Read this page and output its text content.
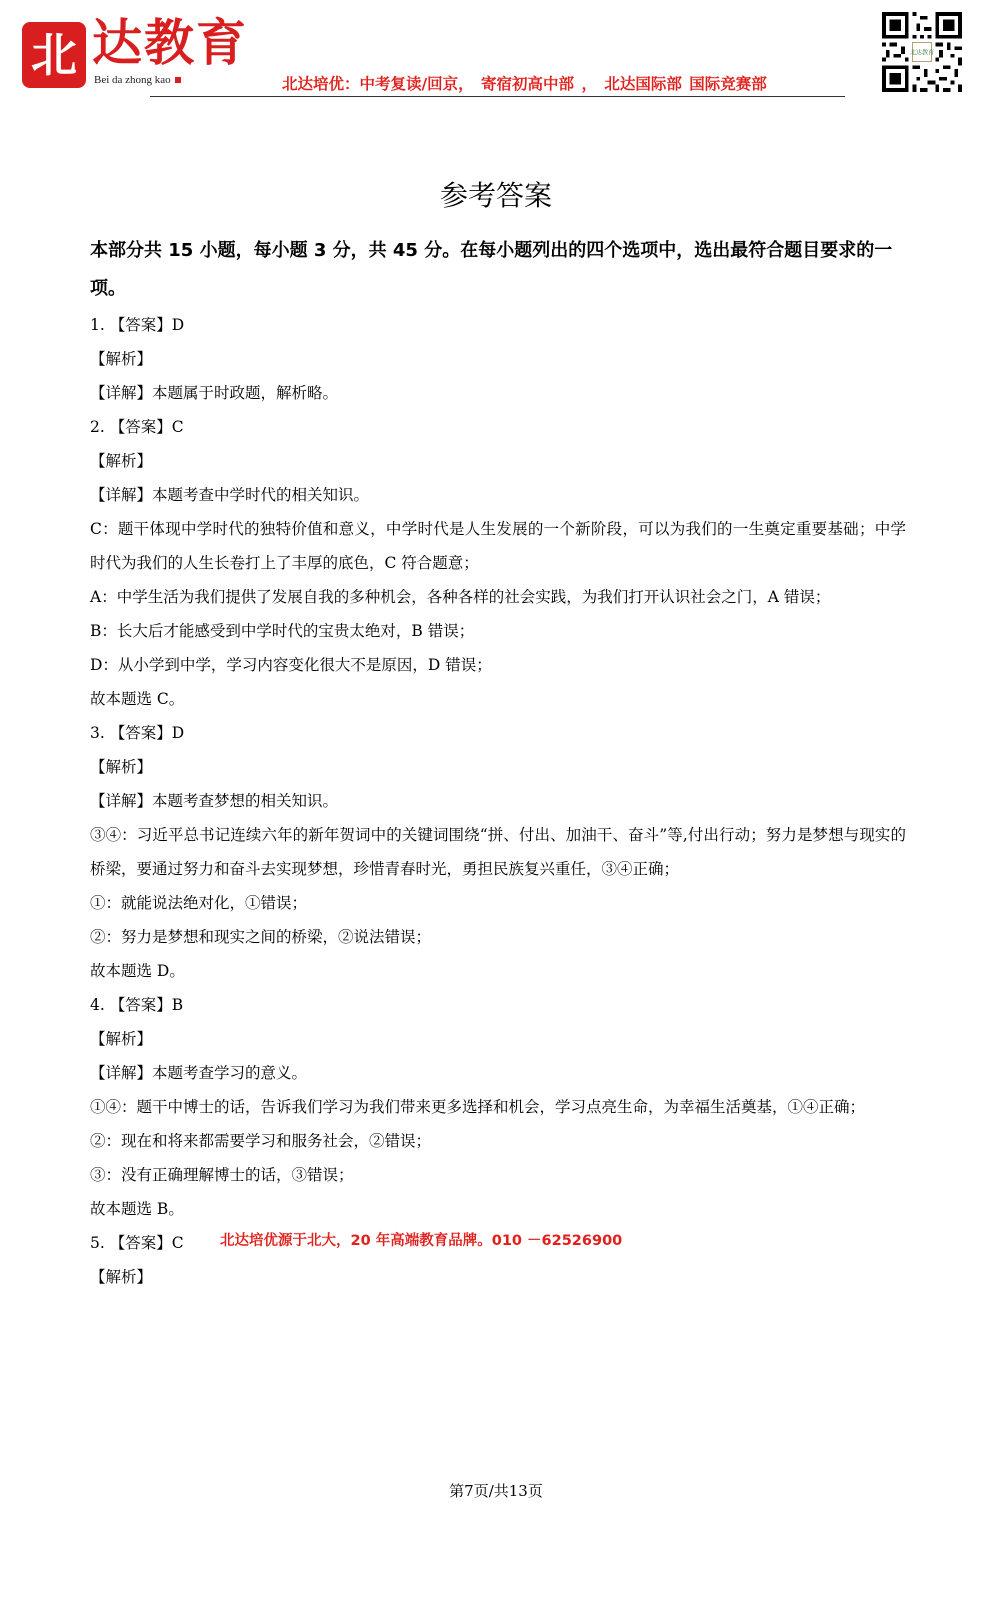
北 达教育
Bei da zhong kao	北达培优：中考复读/回京， 寄宿初高中部 ， 北达国际部 国际竞赛部
北达教育
参考答案
本部分共 15 小题，每小题 3 分，共 45 分。在每小题列出的四个选项中，选出最符合题目要求的一项。
1. 【答案】D
【解析】
【详解】本题属于时政题，解析略。
2. 【答案】C
【解析】
【详解】本题考查中学时代的相关知识。
C：题干体现中学时代的独特价值和意义，中学时代是人生发展的一个新阶段，可以为我们的一生奠定重要基础；中学时代为我们的人生长卷打上了丰厚的底色，C 符合题意；
A：中学生活为我们提供了发展自我的多种机会，各种各样的社会实践，为我们打开认识社会之门，A 错误；
B：长大后才能感受到中学时代的宝贵太绝对，B 错误；
D：从小学到中学，学习内容变化很大不是原因，D 错误；
故本题选 C。
3. 【答案】D
【解析】
【详解】本题考查梦想的相关知识。
③④：习近平总书记连续六年的新年贺词中的关键词围绕“拼、付出、加油干、奋斗”等,付出行动；努力是梦想与现实的桥梁，要通过努力和奋斗去实现梦想，珍惜青春时光，勇担民族复兴重任，③④正确；
①：就能说法绝对化，①错误；
②：努力是梦想和现实之间的桥梁，②说法错误；
故本题选 D。
4. 【答案】B
【解析】
【详解】本题考查学习的意义。
①④：题干中博士的话，告诉我们学习为我们带来更多选择和机会，学习点亮生命，为幸福生活奠基，①④正确；
②：现在和将来都需要学习和服务社会，②错误；
③：没有正确理解博士的话，③错误；
故本题选 B。
5. 【答案】C	北达培优源于北大，20 年高端教育品牌。010 －62526900
【解析】
第7页/共13页
